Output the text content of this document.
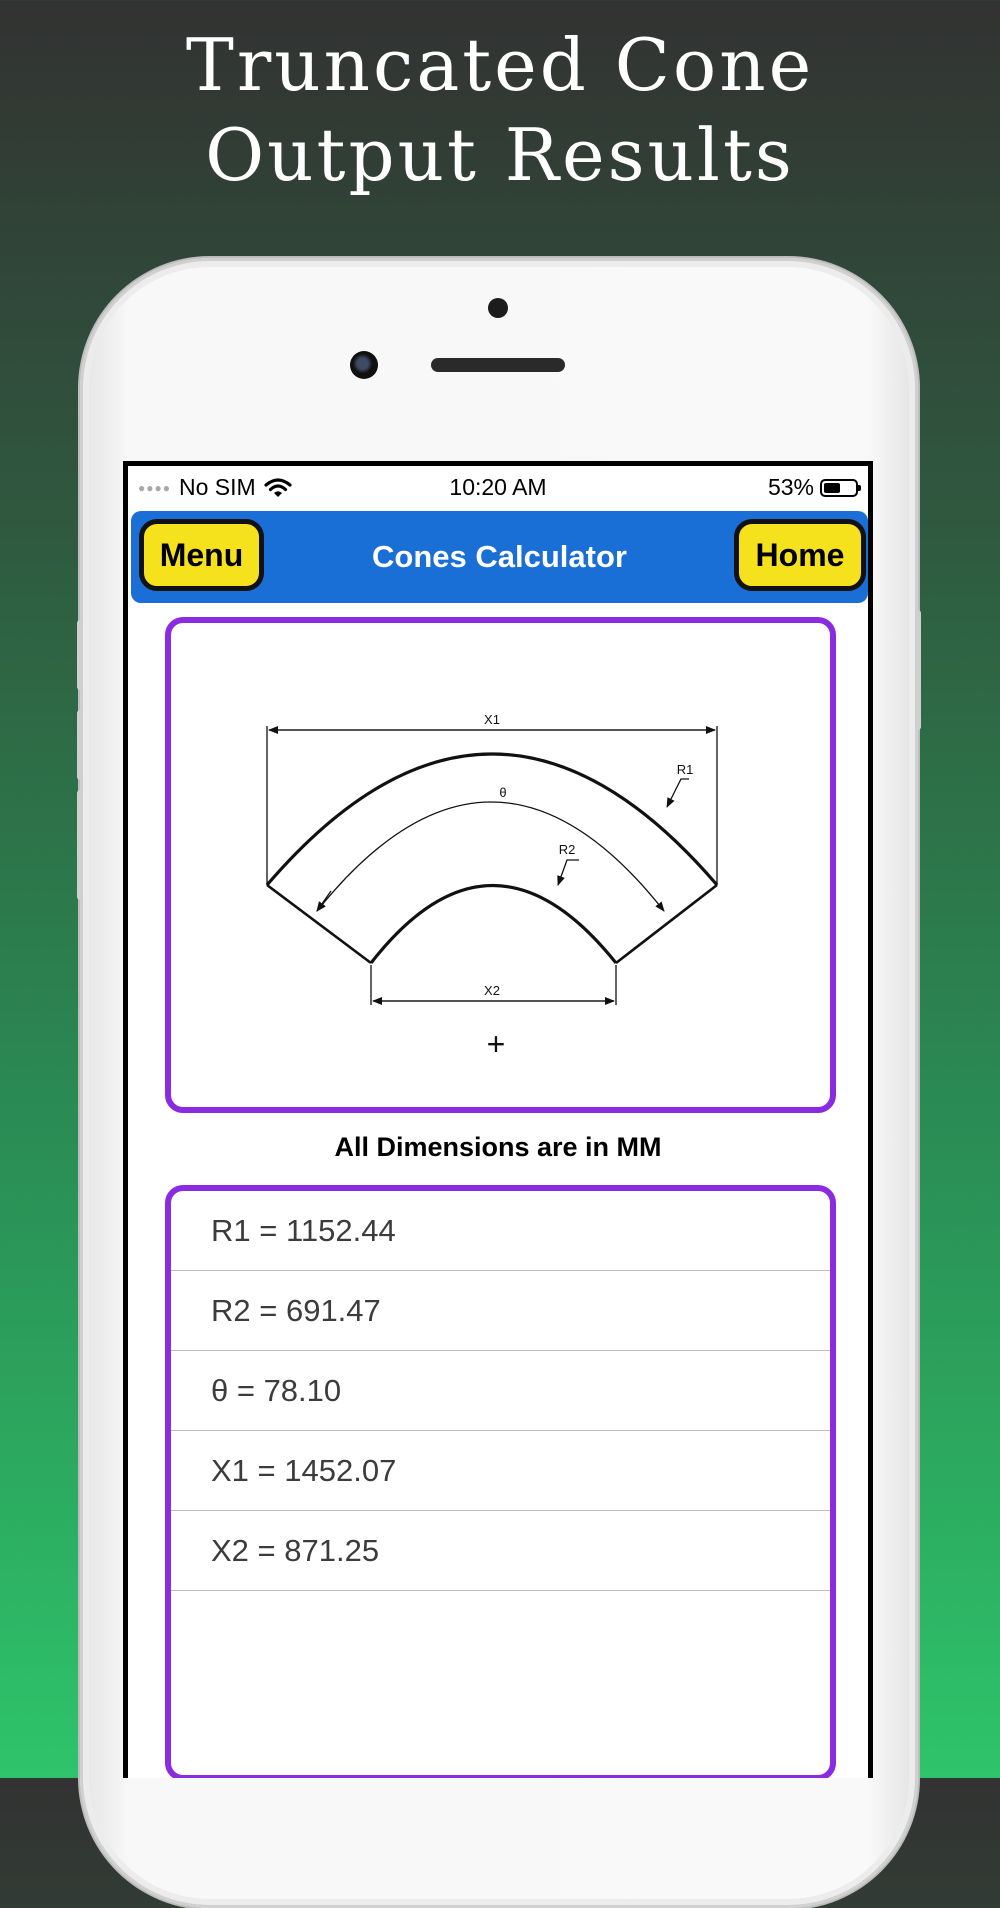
Truncated Cone
Output Results
●●●● No SIM	10:20 AM	53%
Menu	Cones Calculator	Home
X1
θ
R1
R2
X2
+
All Dimensions are in MM
R1 = 1152.44
R2 = 691.47
θ = 78.10
X1 = 1452.07
X2 = 871.25
